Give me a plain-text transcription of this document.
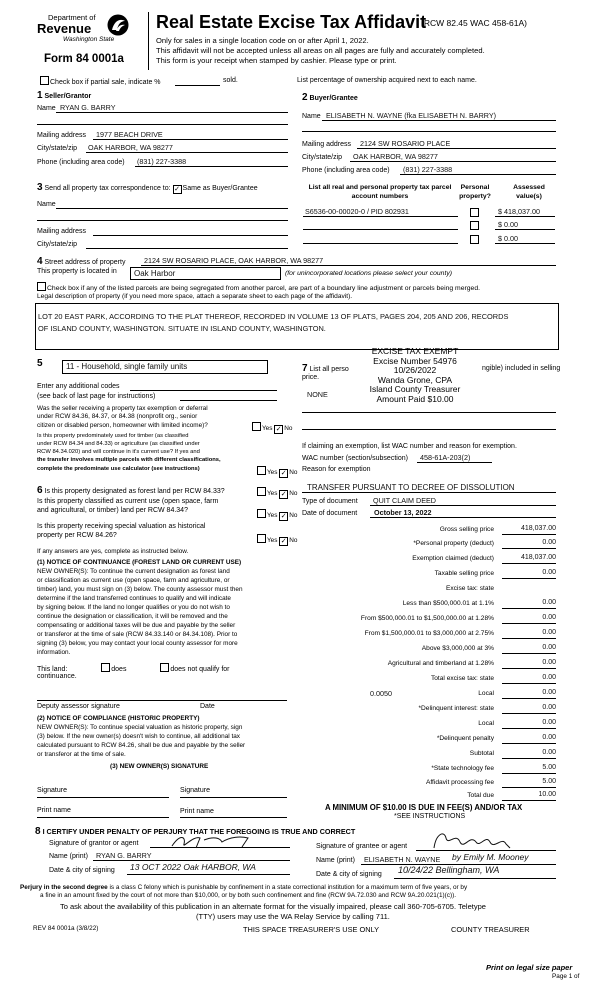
Department of
Revenue
Washington State
Form 84 0001a
Real Estate Excise Tax Affidavit
(RCW 82.45 WAC 458-61A)
Only for sales in a single location code on or after April 1, 2022.
This affidavit will not be accepted unless all areas on all pages are fully and accurately completed.
This form is your receipt when stamped by cashier. Please type or print.
Check box if partial sale, indicate %	sold.	List percentage of ownership acquired next to each name.
1 Seller/Grantor
Name RYAN G. BARRY
Mailing address 1977 BEACH DRIVE
City/state/zip OAK HARBOR, WA 98277
Phone (including area code) (831) 227-3388
2 Buyer/Grantee
Name ELISABETH N. WAYNE (fka ELISABETH N. BARRY)
Mailing address 2124 SW ROSARIO PLACE
City/state/zip OAK HARBOR, WA 98277
Phone (including area code) (831) 227-3388
3 Send all property tax correspondence to: ✓ Same as Buyer/Grantee
Name
Mailing address
City/state/zip
List all real and personal property tax parcel account numbers
Personal property?
Assessed value(s)
S6536-00-00020-0 / PID 802931	$ 418,037.00
$ 0.00
$ 0.00
4 Street address of property	2124 SW ROSARIO PLACE, OAK HARBOR, WA 98277
This property is located in Oak Harbor	(for unincorporated locations please select your county)
Check box if any of the listed parcels are being segregated from another parcel, are part of a boundary line adjustment or parcels being merged.
Legal description of property (if you need more space, attach a separate sheet to each page of the affidavit).
LOT 20 EAST PARK, ACCORDING TO THE PLAT THEREOF, RECORDED IN VOLUME 13 OF PLATS, PAGES 204, 205 AND 206, RECORDS
OF ISLAND COUNTY, WASHINGTON. SITUATE IN ISLAND COUNTY, WASHINGTON.
5	11 - Household, single family units
Enter any additional codes
(see back of last page for instructions)
Was the seller receiving a property tax exemption or deferral
under RCW 84.36, 84.37, or 84.38 (nonprofit org., senior
citizen or disabled person, homeowner with limited income)?	Yes ✓ No
Is this property predominately used for timber (as classified
under RCW 84.34 and 84.33) or agriculture (as classified under
RCW 84.34.020) and will continue in it's current use? If yes and
the transfer involves multiple parcels with different classifications,
complete the predominate use calculator (see instructions)	Yes ✓ No
EXCISE TAX EXEMPT
Excise Number 54976
10/26/2022
Wanda Grone, CPA
Island County Treasurer
Amount Paid $10.00
7 List all perso	ngible) included in selling
price.
NONE
If claiming an exemption, list WAC number and reason for exemption.
WAC number (section/subsection) 458-61A-203(2)
Reason for exemption
TRANSFER PURSUANT TO DECREE OF DISSOLUTION
Type of document QUIT CLAIM DEED
Date of document October 13, 2022
Gross selling price	418,037.00
*Personal property (deduct)	0.00
Exemption claimed (deduct)	418,037.00
Taxable selling price	0.00
Excise tax: state
Less than $500,000.01 at 1.1%	0.00
From $500,000.01 to $1,500,000.00 at 1.28%	0.00
From $1,500,000.01 to $3,000,000 at 2.75%	0.00
Above $3,000,000 at 3%	0.00
Agricultural and timberland at 1.28%	0.00
Total excise tax: state	0.00
0.0050	Local	0.00
*Delinquent interest: state	0.00
Local	0.00
*Delinquent penalty	0.00
Subtotal	0.00
*State technology fee	5.00
Affidavit processing fee	5.00
Total due	10.00
A MINIMUM OF $10.00 IS DUE IN FEE(S) AND/OR TAX
*SEE INSTRUCTIONS
6 Is this property designated as forest land per RCW 84.33?	Yes ✓ No
Is this property classified as current use (open space, farm
and agricultural, or timber) land per RCW 84.34?
Yes ✓ No
Is this property receiving special valuation as historical
property per RCW 84.26?
Yes ✓ No
If any answers are yes, complete as instructed below.
(1) NOTICE OF CONTINUANCE (FOREST LAND OR CURRENT USE)
NEW OWNER(S): To continue the current designation as forest land
or classification as current use (open space, farm and agriculture, or
timber) land, you must sign on (3) below. The county assessor must then
determine if the land transferred continues to qualify and will indicate
by signing below. If the land no longer qualifies or you do not wish to
continue the designation or classification, it will be removed and the
compensating or additional taxes will be due and payable by the seller
or transferor at the time of sale (RCW 84.33.140 or 84.34.108). Prior to
signing (3) below, you may contact your local county assessor for more
information.
This land:	does	does not qualify for
continuance.
Deputy assessor signature	Date
(2) NOTICE OF COMPLIANCE (HISTORIC PROPERTY)
NEW OWNER(S): To continue special valuation as historic property, sign
(3) below. If the new owner(s) doesn't wish to continue, all additional tax
calculated pursuant to RCW 84.26, shall be due and payable by the seller
or transferor at the time of sale.
(3) NEW OWNER(S) SIGNATURE
Signature	Signature
Print name	Print name
8 I CERTIFY UNDER PENALTY OF PERJURY THAT THE FOREGOING IS TRUE AND CORRECT
Signature of grantor or agent
Name (print) RYAN G. BARRY
Date & city of signing 13 OCT 2022 Oak HARBOR, WA
Signature of grantee or agent
Name (print) ELISABETH N. WAYNE by Emily M. Mooney
Date & city of signing 10/24/22 Bellingham, WA
Perjury in the second degree is a class C felony which is punishable by confinement in a state correctional institution for a maximum term of five years, or by
a fine in an amount fixed by the court of not more than $10,000, or by both such confinement and fine (RCW 9A.72.030 and RCW 9A.20.021(1)(c)).
To ask about the availability of this publication in an alternate format for the visually impaired, please call 360-705-6705. Teletype
(TTY) users may use the WA Relay Service by calling 711.
REV 84 0001a (3/8/22)	THIS SPACE TREASURER'S USE ONLY	COUNTY TREASURER
Print on legal size paper
Page 1 of
